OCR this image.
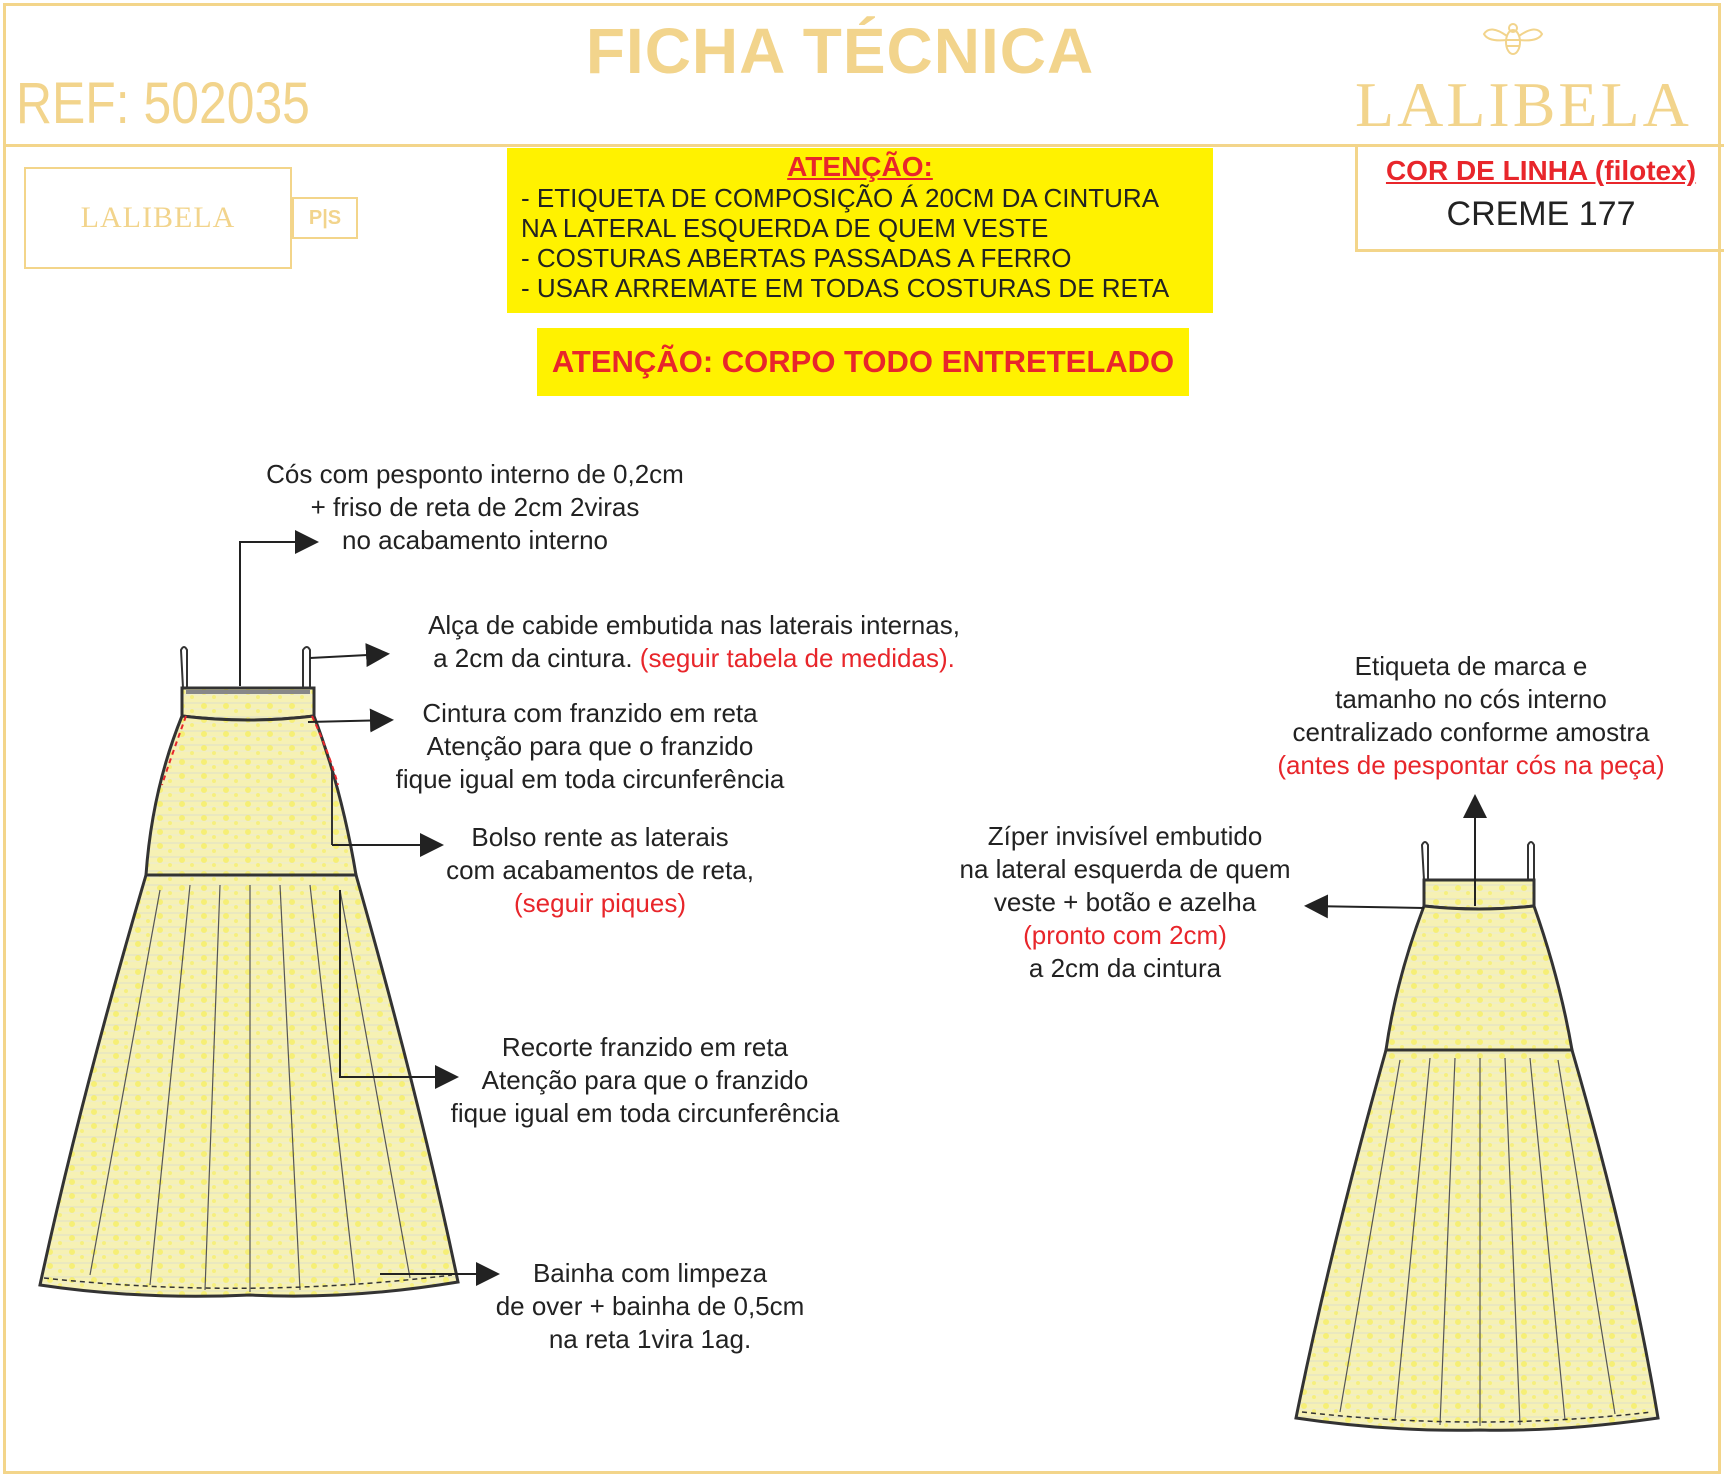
FICHA TÉCNICA
REF: 502035	LALIBELA
LALIBELA	P|S
ATENÇÃO:
- ETIQUETA DE COMPOSIÇÃO Á 20CM DA CINTURA
NA LATERAL ESQUERDA DE QUEM VESTE
- COSTURAS ABERTAS PASSADAS A FERRO
- USAR ARREMATE EM TODAS COSTURAS DE RETA
ATENÇÃO: CORPO TODO ENTRETELADO
COR DE LINHA (filotex)
CREME 177
Cós com pesponto interno de 0,2cm
+ friso de reta de 2cm 2viras
no acabamento interno
Alça de cabide embutida nas laterais internas,
a 2cm da cintura. (seguir tabela de medidas).
Cintura com franzido em reta
Atenção para que o franzido
fique igual em toda circunferência
Bolso rente as laterais
com acabamentos de reta,
(seguir piques)
Recorte franzido em reta
Atenção para que o franzido
fique igual em toda circunferência
Bainha com limpeza
de over + bainha de 0,5cm
na reta 1vira 1ag.
Etiqueta de marca e
tamanho no cós interno
centralizado conforme amostra
(antes de pespontar cós na peça)
Zíper invisível embutido
na lateral esquerda de quem
veste + botão e azelha
(pronto com 2cm)
a 2cm da cintura
